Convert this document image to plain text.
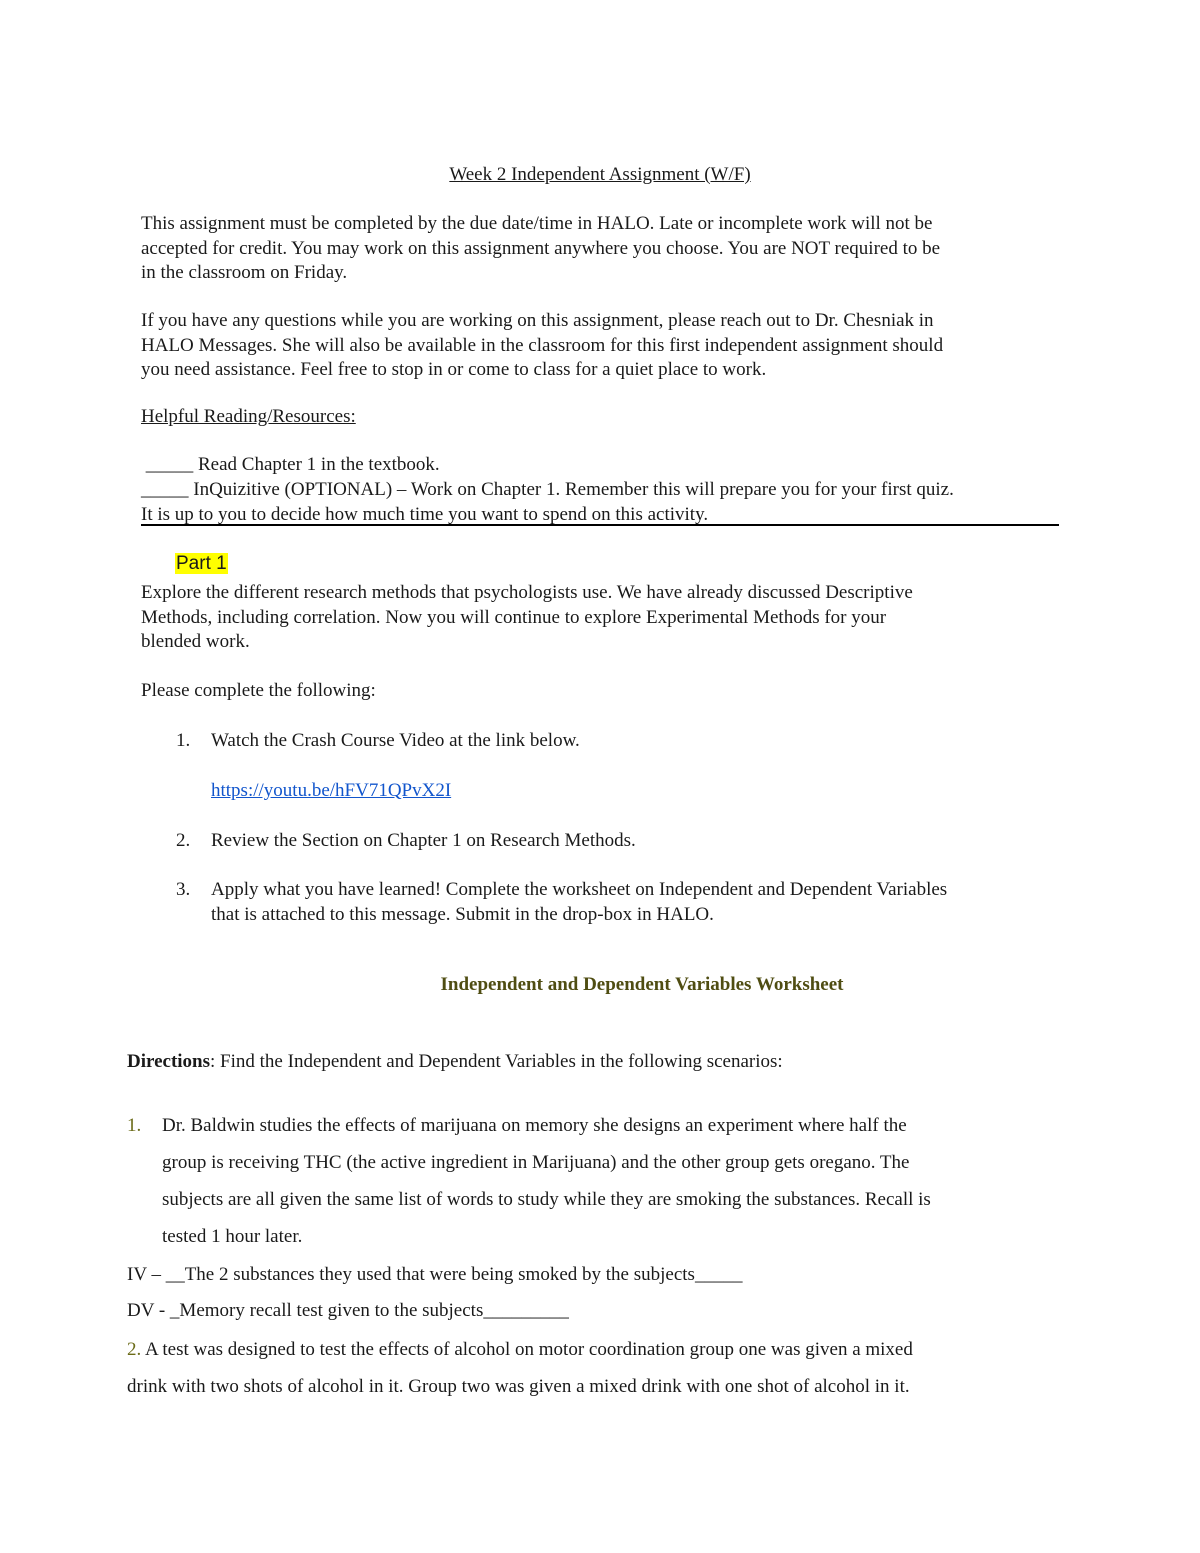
Week 2 Independent Assignment (W/F)
This assignment must be completed by the due date/time in HALO. Late or incomplete work will not be
accepted for credit. You may work on this assignment anywhere you choose. You are NOT required to be
in the classroom on Friday.
If you have any questions while you are working on this assignment, please reach out to Dr. Chesniak in
HALO Messages. She will also be available in the classroom for this first independent assignment should
you need assistance. Feel free to stop in or come to class for a quiet place to work.
Helpful Reading/Resources:
_____ Read Chapter 1 in the textbook.
_____ InQuizitive (OPTIONAL) – Work on Chapter 1. Remember this will prepare you for your first quiz.
It is up to you to decide how much time you want to spend on this activity.
Part 1
Explore the different research methods that psychologists use. We have already discussed Descriptive
Methods, including correlation. Now you will continue to explore Experimental Methods for your
blended work.
Please complete the following:
1.	Watch the Crash Course Video at the link below.
https://youtu.be/hFV71QPvX2I
2.	Review the Section on Chapter 1 on Research Methods.
3.	Apply what you have learned! Complete the worksheet on Independent and Dependent Variables
that is attached to this message. Submit in the drop-box in HALO.
Independent and Dependent Variables Worksheet
Directions: Find the Independent and Dependent Variables in the following scenarios:
1. Dr. Baldwin studies the effects of marijuana on memory she designs an experiment where half the
group is receiving THC (the active ingredient in Marijuana) and the other group gets oregano. The
subjects are all given the same list of words to study while they are smoking the substances. Recall is
tested 1 hour later.
IV – __The 2 substances they used that were being smoked by the subjects_____
DV - _Memory recall test given to the subjects_________
2. A test was designed to test the effects of alcohol on motor coordination group one was given a mixed
drink with two shots of alcohol in it. Group two was given a mixed drink with one shot of alcohol in it.
